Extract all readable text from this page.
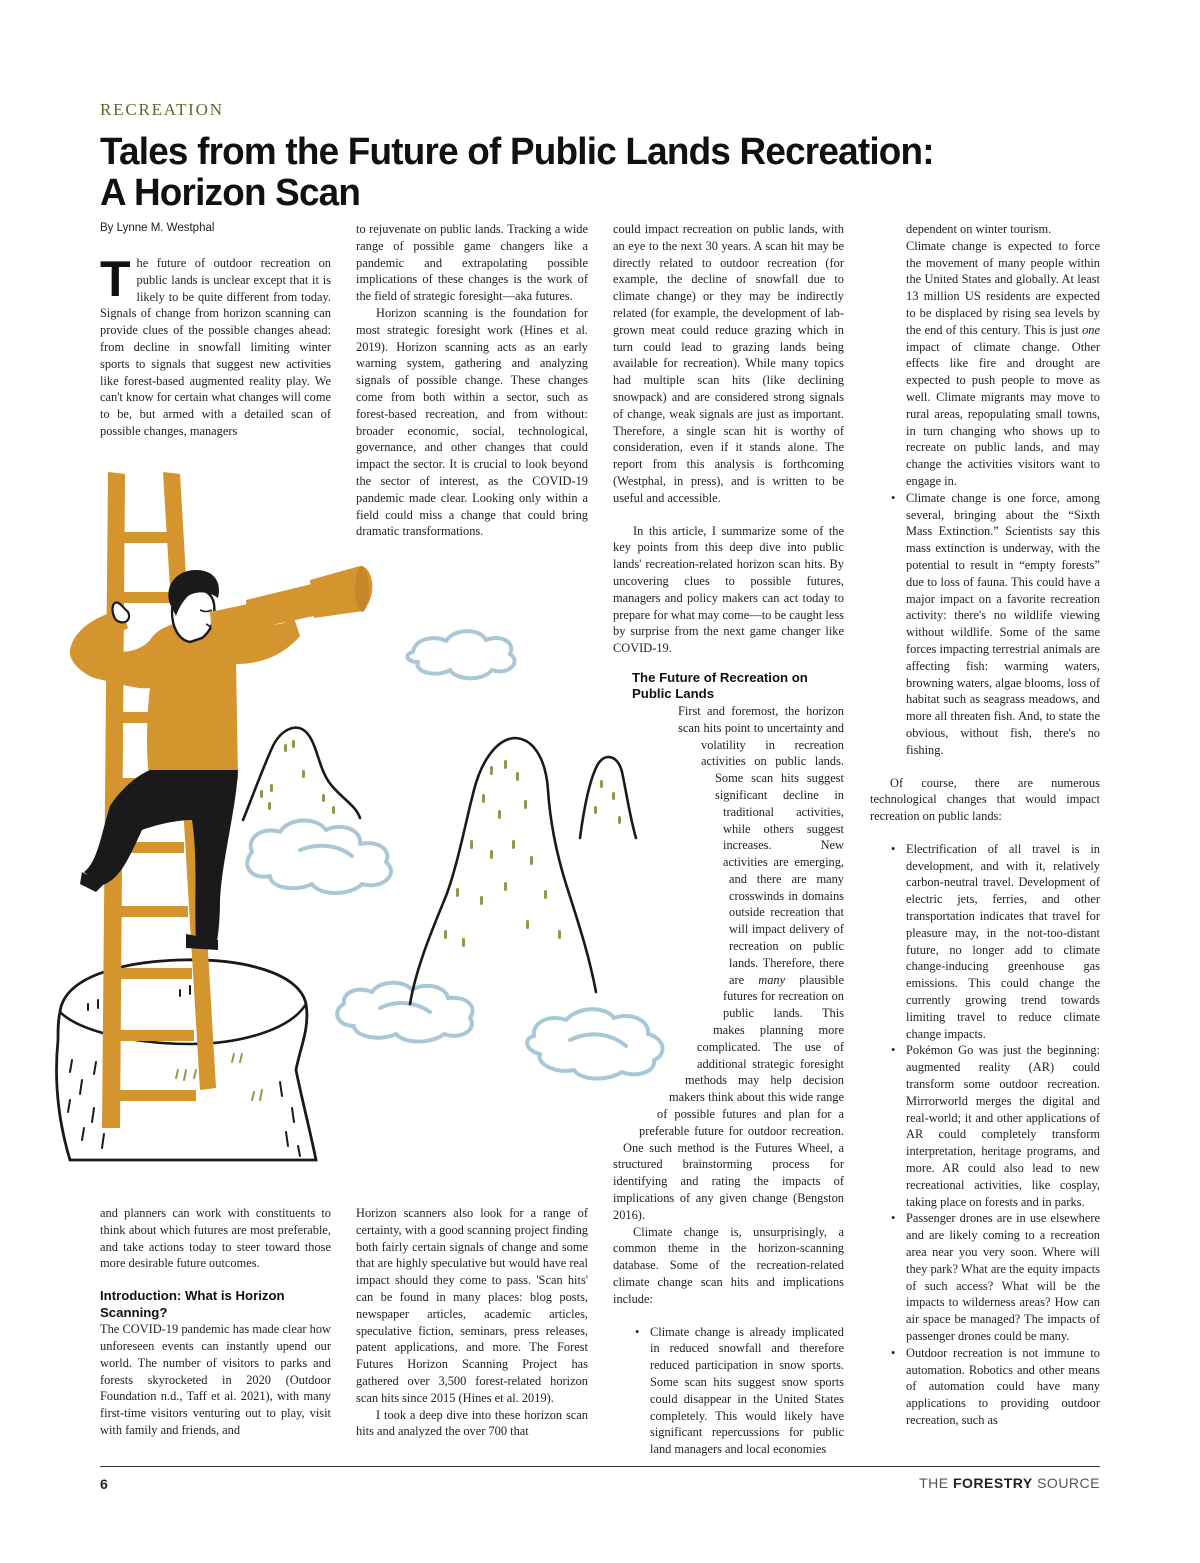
RECREATION
Tales from the Future of Public Lands Recreation:
A Horizon Scan
By Lynne M. Westphal

The future of outdoor recreation on public lands is unclear except that it is likely to be quite different from today. Signals of change from horizon scanning can provide clues of the possible changes ahead: from decline in snowfall limiting winter sports to signals that suggest new activities like forest-based augmented reality play. We can't know for certain what changes will come to be, but armed with a detailed scan of possible changes, managers

to rejuvenate on public lands. Tracking a wide range of possible game changers like a pandemic and extrapolating possible implications of these changes is the work of the field of strategic foresight—aka futures.

Horizon scanning is the foundation for most strategic foresight work (Hines et al. 2019). Horizon scanning acts as an early warning system, gathering and analyzing signals of possible change. These changes come from both within a sector, such as forest-based recreation, and from without: broader economic, social, technological, governance, and other changes that could impact the sector. It is crucial to look beyond the sector of interest, as the COVID-19 pandemic made clear. Looking only within a field could miss a change that could bring dramatic transformations.

could impact recreation on public lands, with an eye to the next 30 years. A scan hit may be directly related to outdoor recreation (for example, the decline of snowfall due to climate change) or they may be indirectly related (for example, the development of lab-grown meat could reduce grazing which in turn could lead to grazing lands being available for recreation). While many topics had multiple scan hits (like declining snowpack) and are considered strong signals of change, weak signals are just as important. Therefore, a single scan hit is worthy of consideration, even if it stands alone. The report from this analysis is forthcoming (Westphal, in press), and is written to be useful and accessible.

In this article, I summarize some of the key points from this deep dive into public lands' recreation-related horizon scan hits. By uncovering clues to possible futures, managers and policy makers can act today to prepare for what may come—to be caught less by surprise from the next game changer like COVID-19.

The Future of Recreation on Public Lands

First and foremost, the horizon scan hits point to uncertainty and volatility in recreation activities on public lands. Some scan hits suggest significant decline in traditional activities, while others suggest increases. New activities are emerging, and there are many crosswinds in domains outside recreation that will impact delivery of recreation on public lands. Therefore, there are many plausible futures for recreation on public lands. This makes planning more complicated. The use of additional strategic foresight methods may help decision makers think about this wide range of possible futures and plan for a preferable future for outdoor recreation. One such method is the Futures Wheel, a structured brainstorming process for identifying and rating the impacts of implications of any given change (Bengston 2016).

Climate change is, unsurprisingly, a common theme in the horizon-scanning database. Some of the recreation-related climate change scan hits and implications include:

• Climate change is already implicated in reduced snowfall and therefore reduced participation in snow sports. Some scan hits suggest snow sports could disappear in the United States completely. This would likely have significant repercussions for public land managers and local economies
dependent on winter tourism.
Climate change is expected to force the movement of many people within the United States and globally. At least 13 million US residents are expected to be displaced by rising sea levels by the end of this century. This is just one impact of climate change. Other effects like fire and drought are expected to push people to move as well. Climate migrants may move to rural areas, repopulating small towns, in turn changing who shows up to recreate on public lands, and may change the activities visitors want to engage in.
• Climate change is one force, among several, bringing about the “Sixth Mass Extinction.” Scientists say this mass extinction is underway, with the potential to result in “empty forests” due to loss of fauna. This could have a major impact on a favorite recreation activity: there's no wildlife viewing without wildlife. Some of the same forces impacting terrestrial animals are affecting fish: warming waters, browning waters, algae blooms, loss of habitat such as seagrass meadows, and more all threaten fish. And, to state the obvious, without fish, there's no fishing.

Of course, there are numerous technological changes that would impact recreation on public lands:

• Electrification of all travel is in development, and with it, relatively carbon-neutral travel. Development of electric jets, ferries, and other transportation indicates that travel for pleasure may, in the not-too-distant future, no longer add to climate change-inducing greenhouse gas emissions. This could change the currently growing trend towards limiting travel to reduce climate change impacts.
• Pokémon Go was just the beginning: augmented reality (AR) could transform some outdoor recreation. Mirrorworld merges the digital and real-world; it and other applications of AR could completely transform interpretation, heritage programs, and more. AR could also lead to new recreational activities, like cosplay, taking place on forests and in parks.
• Passenger drones are in use elsewhere and are likely coming to a recreation area near you very soon. Where will they park? What are the equity impacts of such access? What will be the impacts to wilderness areas? How can air space be managed? The impacts of passenger drones could be many.
• Outdoor recreation is not immune to automation. Robotics and other means of automation could have many applications to providing outdoor recreation, such as

and planners can work with constituents to think about which futures are most preferable, and take actions today to steer toward those more desirable future outcomes.

Introduction: What is Horizon Scanning?

The COVID-19 pandemic has made clear how unforeseen events can instantly upend our world. The number of visitors to parks and forests skyrocketed in 2020 (Outdoor Foundation n.d., Taff et al. 2021), with many first-time visitors venturing out to play, visit with family and friends, and

Horizon scanners also look for a range of certainty, with a good scanning project finding both fairly certain signals of change and some that are highly speculative but would have real impact should they come to pass. 'Scan hits' can be found in many places: blog posts, newspaper articles, academic articles, speculative fiction, seminars, press releases, patent applications, and more. The Forest Futures Horizon Scanning Project has gathered over 3,500 forest-related horizon scan hits since 2015 (Hines et al. 2019).

I took a deep dive into these horizon scan hits and analyzed the over 700 that

6	THE FORESTRY SOURCE
